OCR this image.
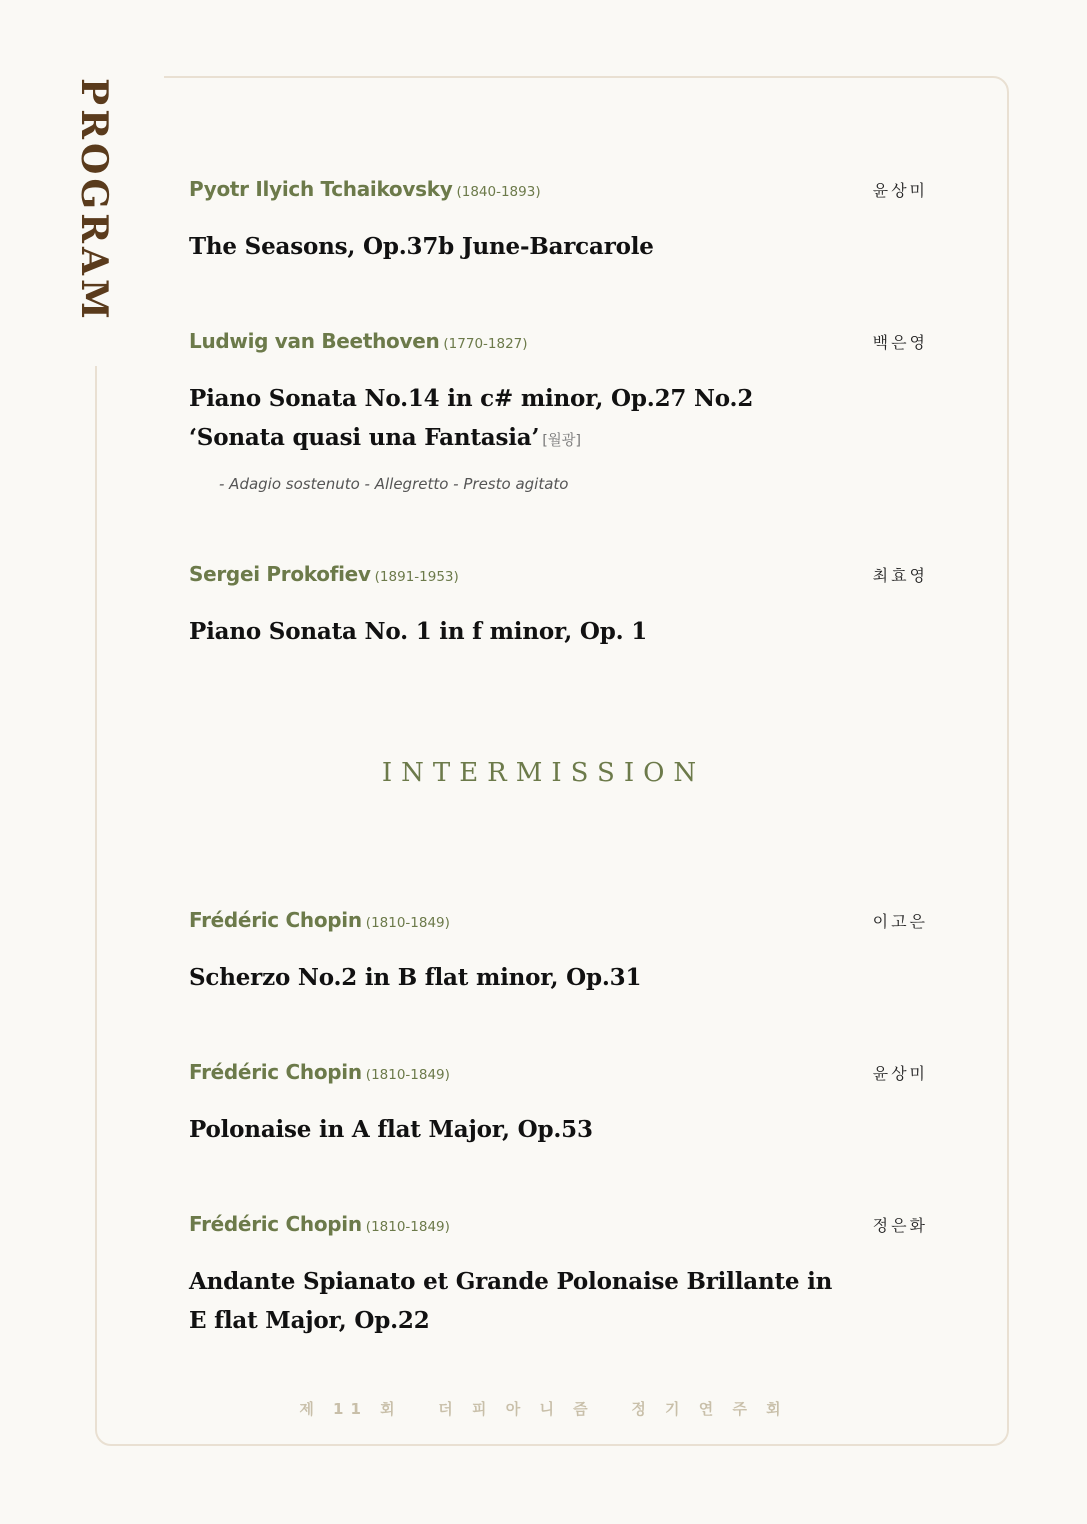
PROGRAM	Pyotr Ilyich Tchaikovsky (1840-1893)	윤상미
The Seasons, Op.37b June-Barcarole
Ludwig van Beethoven (1770-1827)	백은영
Piano Sonata No.14 in c# minor, Op.27 No.2
‘Sonata quasi una Fantasia’ [월광]
- Adagio sostenuto - Allegretto - Presto agitato
Sergei Prokofiev (1891-1953)	최효영
Piano Sonata No. 1 in f minor, Op. 1
INTERMISSION
Frédéric Chopin (1810-1849)	이고은
Scherzo No.2 in B flat minor, Op.31
Frédéric Chopin (1810-1849)	윤상미
Polonaise in A flat Major, Op.53
Frédéric Chopin (1810-1849)	정은화
Andante Spianato et Grande Polonaise Brillante in
E flat Major, Op.22
제 11 회   더 피 아 니 즘   정 기 연 주 회
